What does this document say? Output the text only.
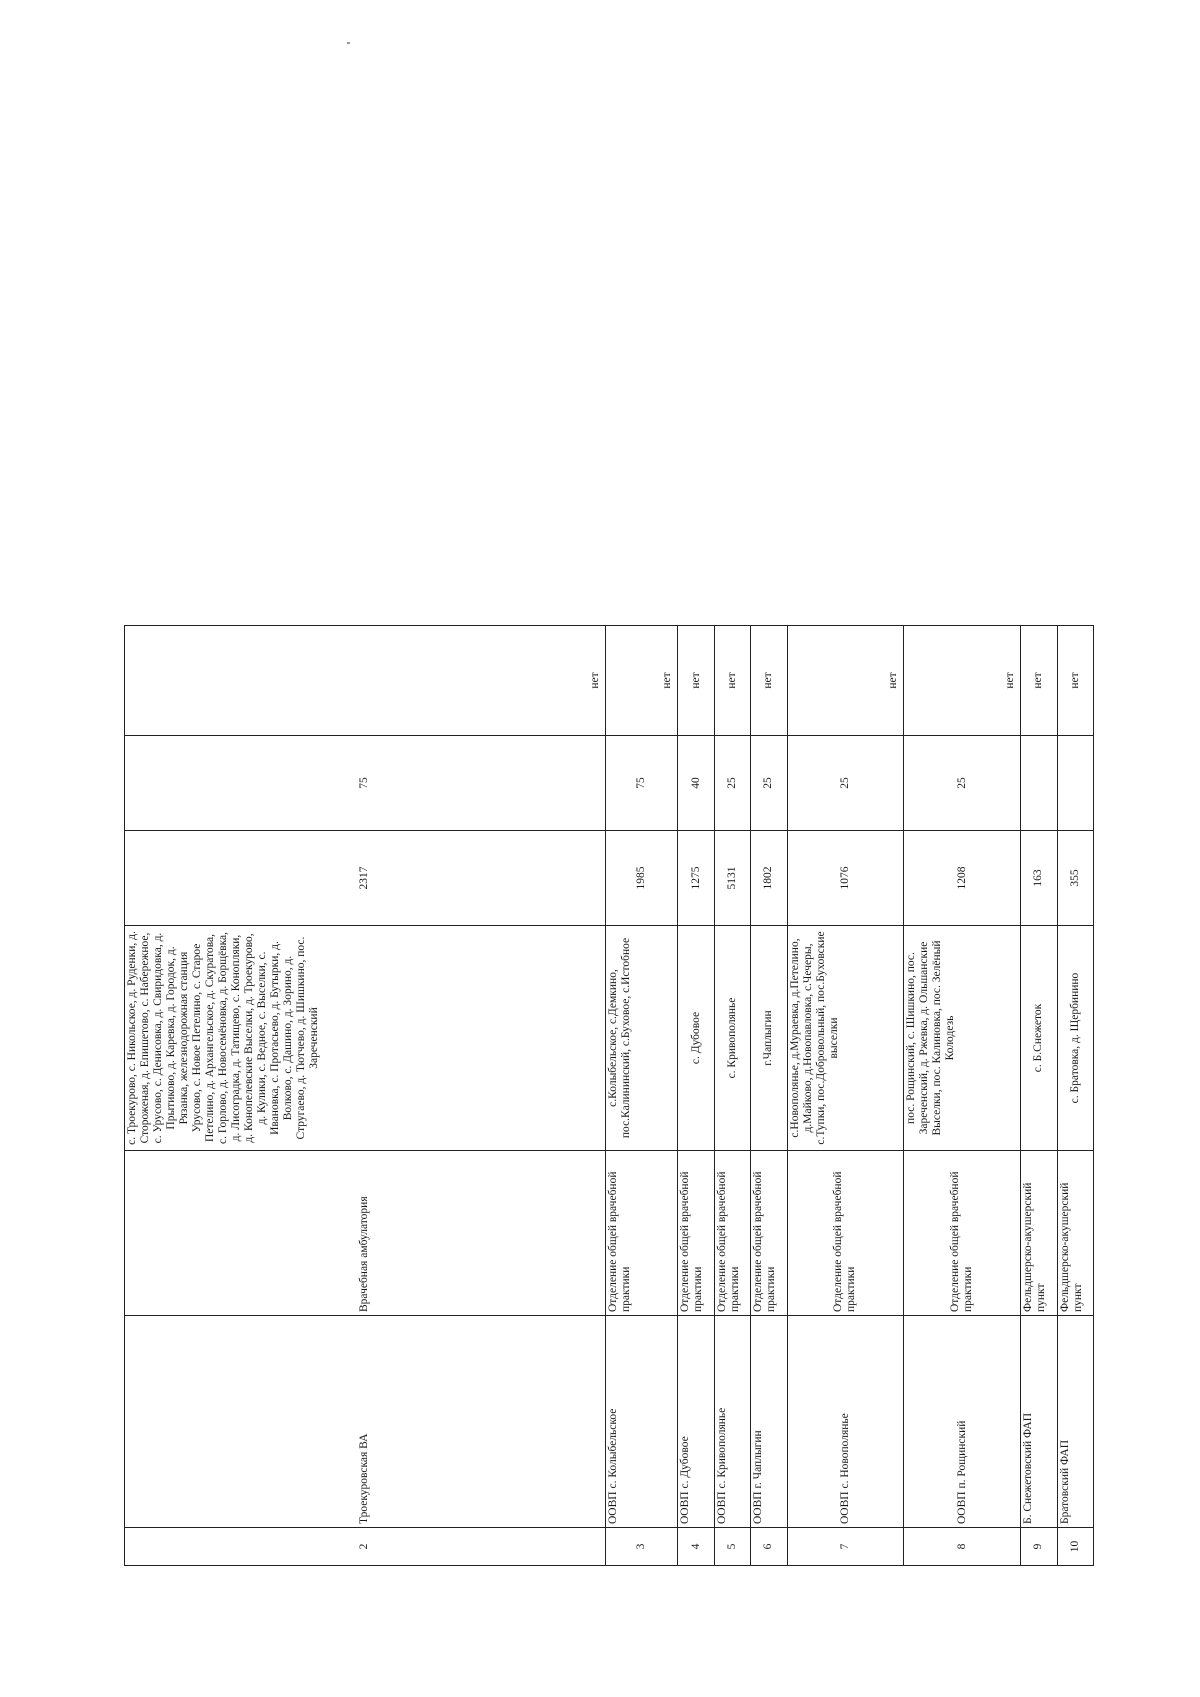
2	Троекуровская ВА	Врачебная амбулатория	с. Троекурово, с. Никольское, д. Руденки, д. Стороженая, д. Епишетово, с. Набережное, с. Урусово, с. Денисовка, д. Свиридовка, д. Прытиково, д. Каревка, д. Городок, д. Рязанка, железнодорожная станция Урусово, с. Новое Петелино, с. Старое Петелино, д. Архангельское, д. Скуратова, с. Горлово, д. Новосемёновка, д. Борщёвка, д. Лисоградка, д. Татищево, с. Конопляки, д. Конопелевские Выселки, д. Троекурово, д. Кулики, с. Ведное, с. Выселки, с. Ивановка, с. Протасьево, д. Бутырки, д. Волково, с. Дашино, д. Зорино, д. Стругаево, д. Тютчево, д. Шишкино, пос. Зареченский	2317	75	нет
3	ООВП с. Колыбельское	Отделение общей врачебной практики	с.Колыбельское, с.Демкино, пос.Калининский, с.Буховое, с.Истобное	1985	75	нет
4	ООВП с. Дубовое	Отделение общей врачебной практики	с. Дубовое	1275	40	нет
5	ООВП с. Кривополянье	Отделение общей врачебной практики	с. Кривополянье	5131	25	нет
6	ООВП г. Чаплыгин	Отделение общей врачебной практики	г.Чаплыгин	1802	25	нет
7	ООВП с. Новополянье	Отделение общей врачебной практики	с.Новополянье, д.Мураевка, д.Петелино, д.Майково, д.Новопавловка, с.Чечеры, с.Тупки, пос.Добровольный, пос.Буховские выселки	1076	25	нет
8	ООВП п. Рощинский	Отделение общей врачебной практики	пос. Рощинский, с. Шишкино, пос. Зареченский, д. Ржевка, д. Ольшанские Выселки, пос. Калиновка, пос. Зелёный Колодезь	1208	25	нет
9	Б. Снежетовский ФАП	Фельдшерско-акушерский пункт	с. Б.Снежеток	163		нет
10	Братовский ФАП	Фельдшерско-акушерский пункт	с. Братовка, д. Щербинино	355		нет
